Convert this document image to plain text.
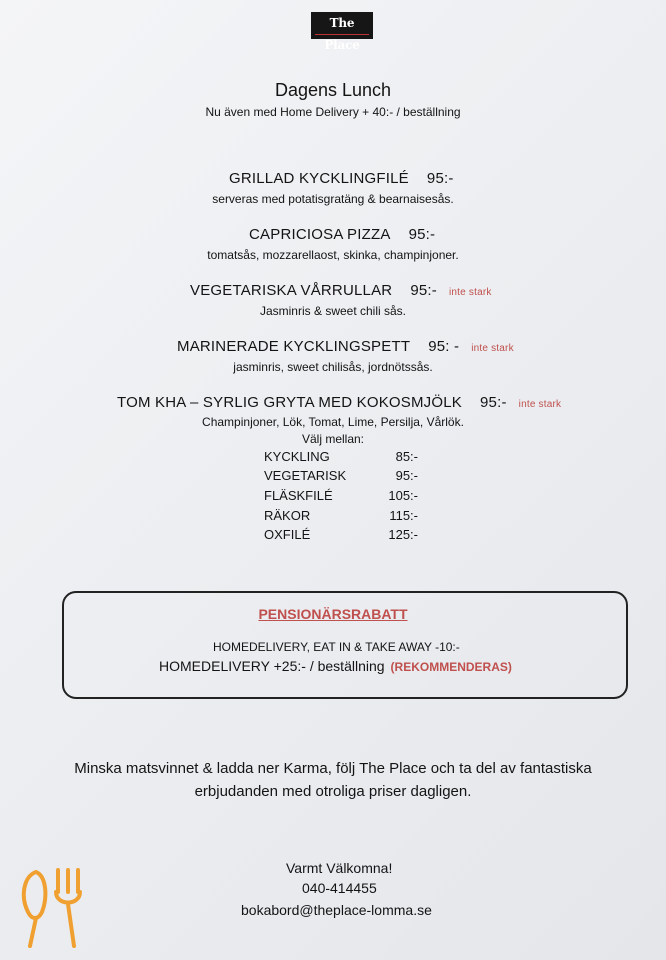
The Place
Dagens Lunch
Nu även med Home Delivery + 40:- / beställning
GRILLAD KYCKLINGFILÉ 95:-
serveras med potatisgratäng & bearnaisesås.
CAPRICIOSA PIZZA 95:-
tomatsås, mozzarellaost, skinka, champinjoner.
VEGETARISKA VÅRRULLAR 95:- inte stark
Jasminris & sweet chili sås.
MARINERADE KYCKLINGSPETT 95: - inte stark
jasminris, sweet chilisås, jordnötssås.
TOM KHA – SYRLIG GRYTA MED KOKOSMJÖLK 95:- inte stark
Champinjoner, Lök, Tomat, Lime, Persilja, Vårlök.
Välj mellan:
KYCKLING	85:-
VEGETARISK	95:-
FLÄSKFILÉ	105:-
RÄKOR	115:-
OXFILÉ	125:-
PENSIONÄRSRABATT
HOMEDELIVERY, EAT IN & TAKE AWAY -10:-
HOMEDELIVERY +25:- / beställning (REKOMMENDERAS)
Minska matsvinnet & ladda ner Karma, följ The Place och ta del av fantastiska
erbjudanden med otroliga priser dagligen.
Varmt Välkomna!
040-414455
bokabord@theplace-lomma.se
